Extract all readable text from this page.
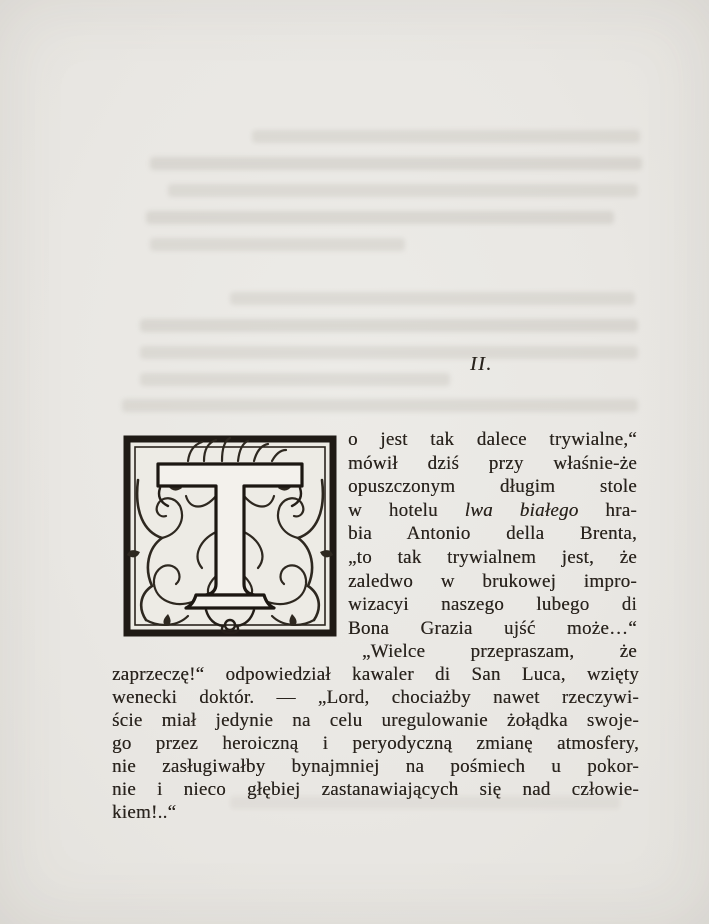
II.
o jest tak dalece trywialne,“
mówił dziś przy właśnie-że
opuszczonym długim stole
w hotelu lwa białego hra-
bia Antonio della Brenta,
„to tak trywialnem jest, że
zaledwo w brukowej impro-
wizacyi naszego lubego di
Bona Grazia ujść może…“
„Wielce przepraszam, że
zaprzeczę!“ odpowiedział kawaler di San Luca, wzięty
wenecki doktór. — „Lord, chociażby nawet rzeczywi-
ście miał jedynie na celu uregulowanie żołądka swoje-
go przez heroiczną i peryodyczną zmianę atmosfery,
nie zasługiwałby bynajmniej na pośmiech u pokor-
nie i nieco głębiej zastanawiających się nad człowie-
kiem!..“
